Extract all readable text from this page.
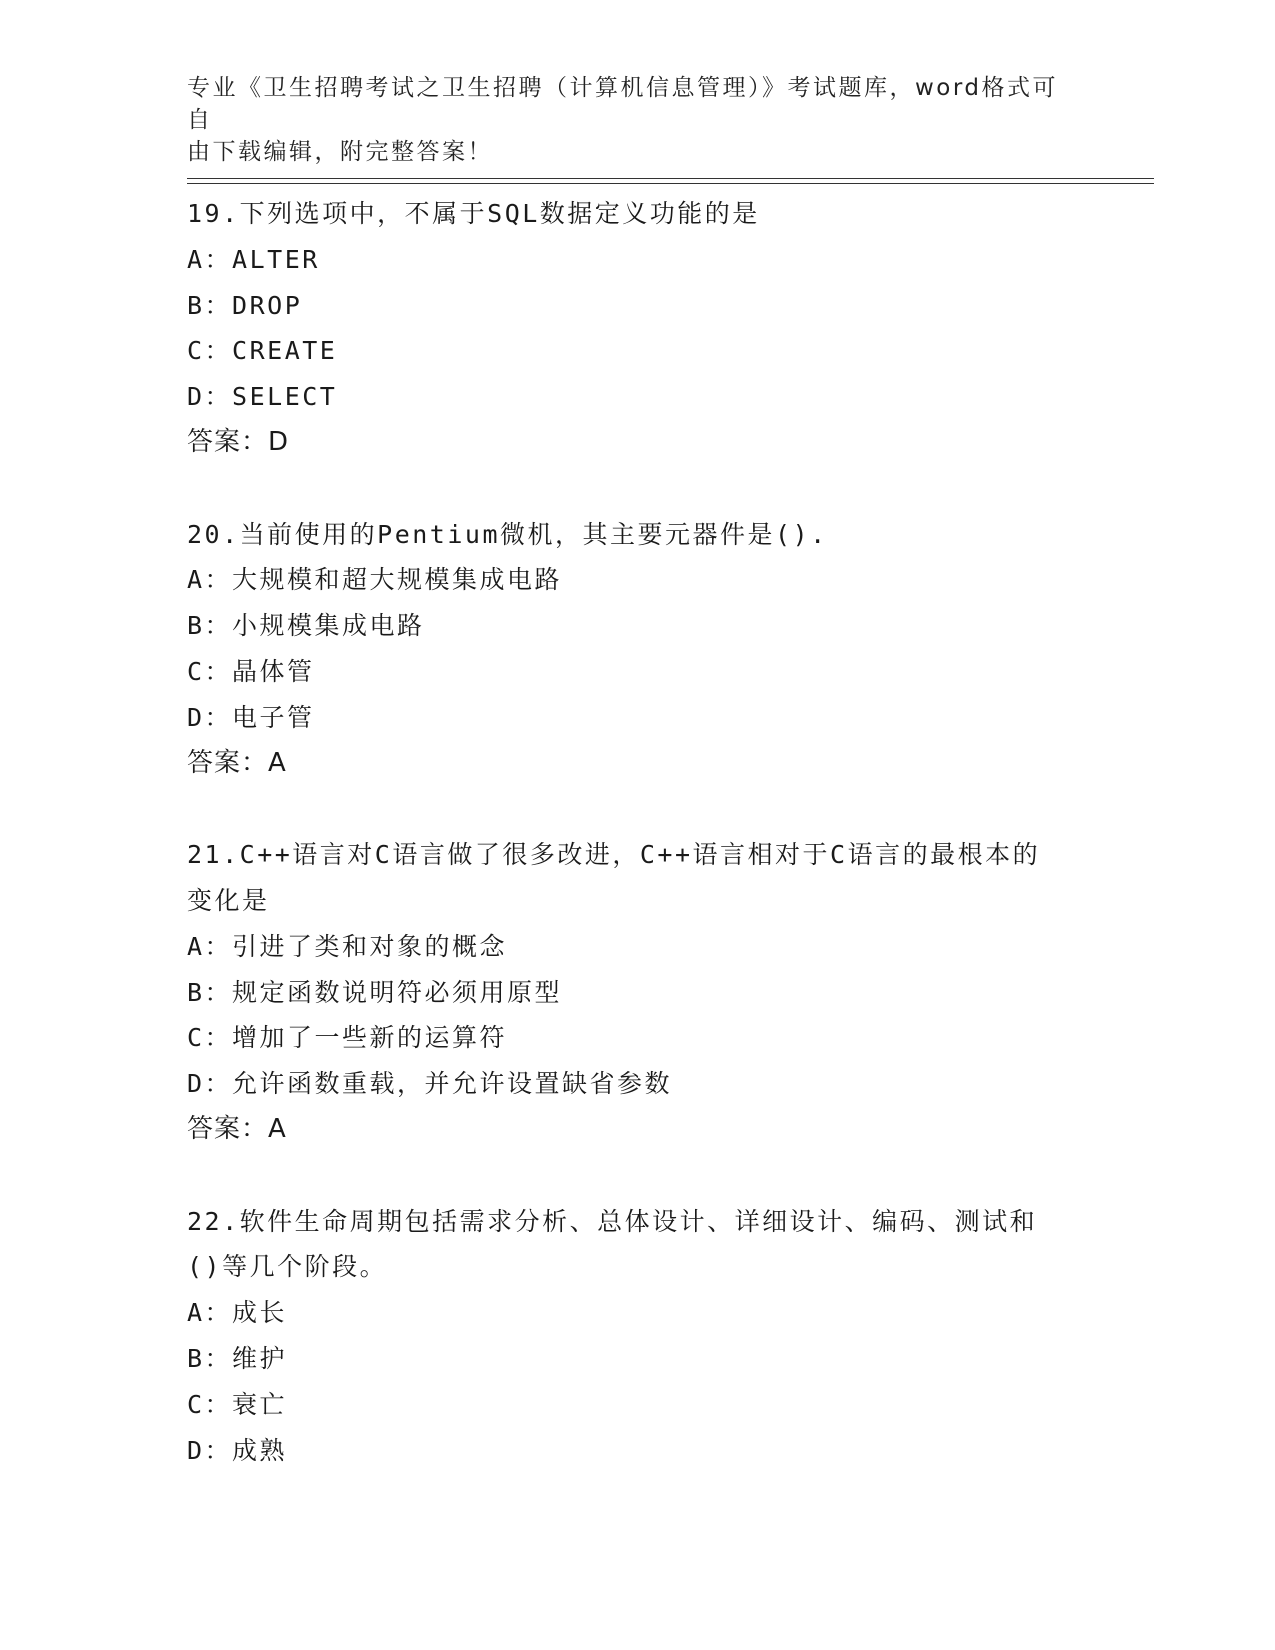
专业《卫生招聘考试之卫生招聘（计算机信息管理）》考试题库，word格式可自

由下载编辑，附完整答案！

19.下列选项中，不属于SQL数据定义功能的是
A：ALTER
B：DROP
C：CREATE
D：SELECT
答案：D
20.当前使用的Pentium微机，其主要元器件是().
A：大规模和超大规模集成电路
B：小规模集成电路
C：晶体管
D：电子管
答案：A
21.C++语言对C语言做了很多改进，C++语言相对于C语言的最根本的
变化是
A：引进了类和对象的概念
B：规定函数说明符必须用原型
C：增加了一些新的运算符
D：允许函数重载，并允许设置缺省参数
答案：A
22.软件生命周期包括需求分析、总体设计、详细设计、编码、测试和
()等几个阶段。
A：成长
B：维护
C：衰亡
D：成熟
